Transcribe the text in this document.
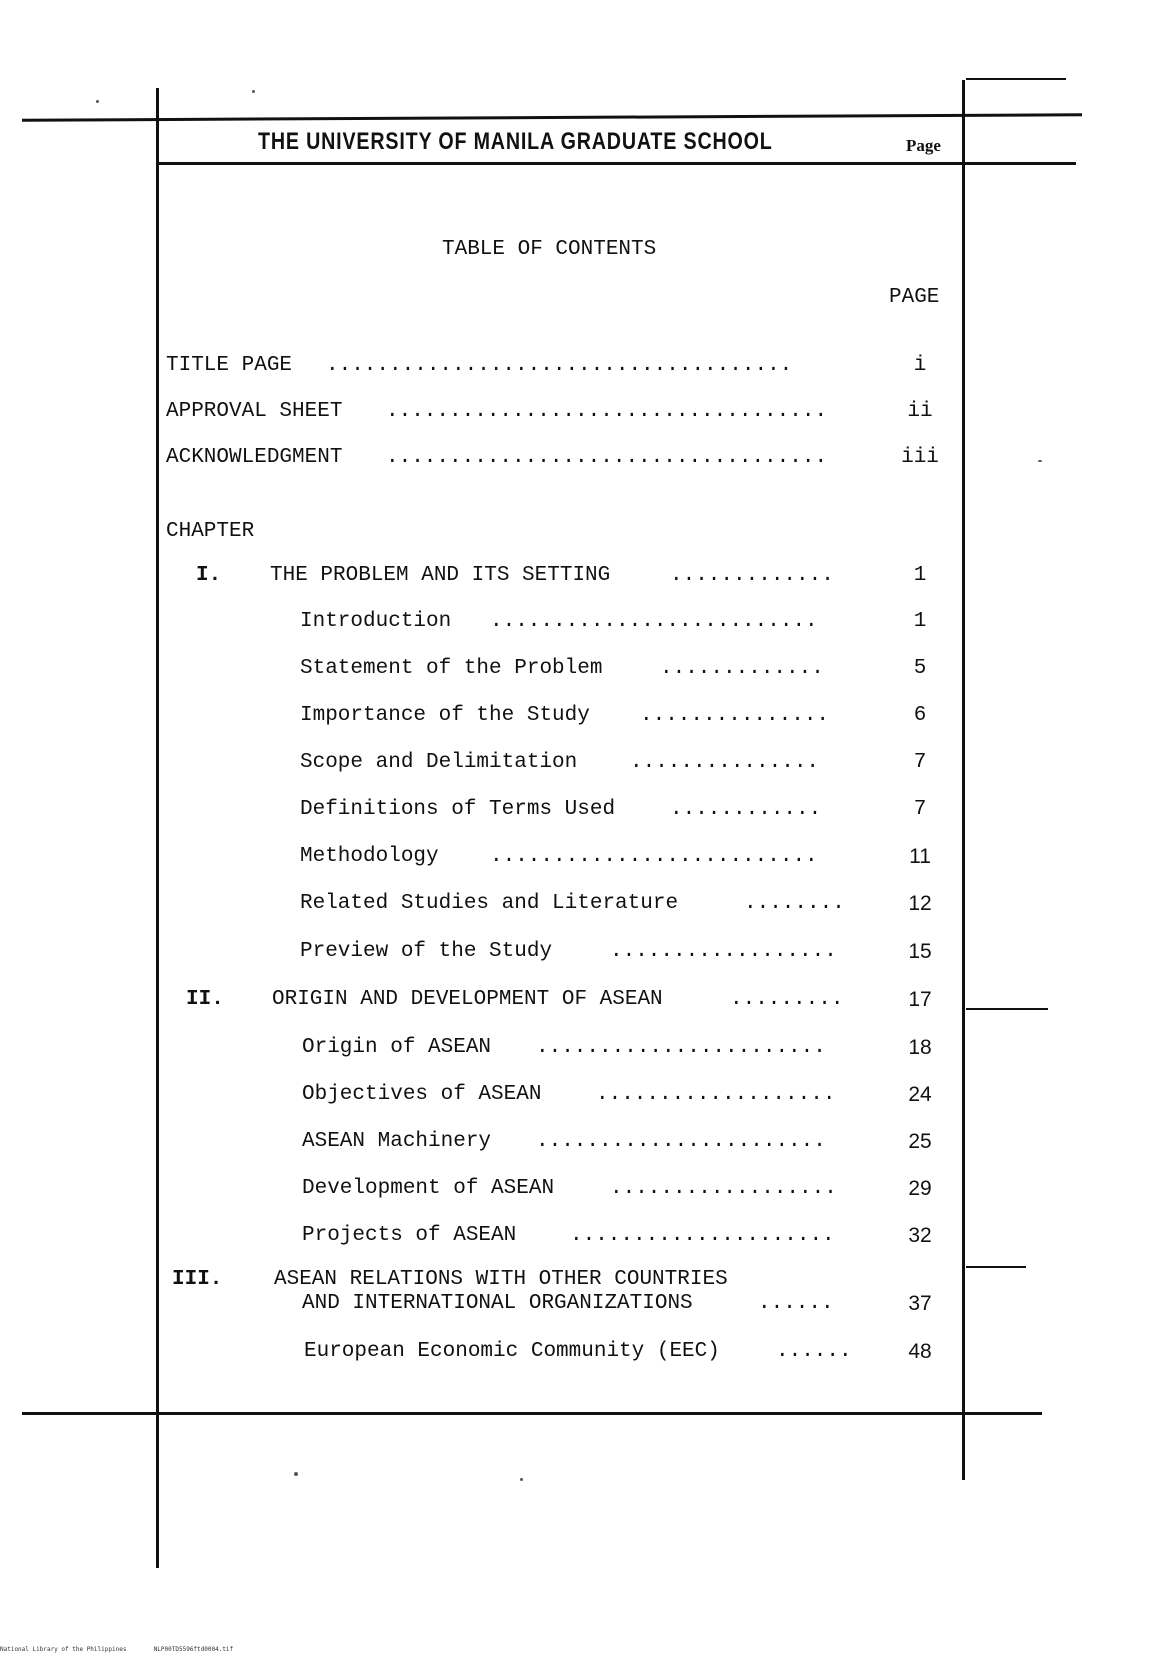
THE UNIVERSITY OF MANILA GRADUATE SCHOOL	Page
TABLE OF CONTENTS
PAGE
TITLE PAGE .....................................	i
APPROVAL SHEET ...................................	ii
ACKNOWLEDGMENT ...................................	iii
CHAPTER
I. THE PROBLEM AND ITS SETTING	.............	1
Introduction ..........................	1
Statement of the Problem	.............	5
Importance of the Study ...............	6
Scope and Delimitation	...............	7
Definitions of Terms Used	............	7
Methodology ..........................	11
Related Studies and Literature	........	12
Preview of the Study	..................	15
II. ORIGIN AND DEVELOPMENT OF ASEAN	.........	17
Origin of ASEAN .......................	18
Objectives of ASEAN	...................	24
ASEAN Machinery .......................	25
Development of ASEAN	..................	29
Projects of ASEAN	.....................	32
III. ASEAN RELATIONS WITH OTHER COUNTRIES
AND INTERNATIONAL ORGANIZATIONS	......	37
European Economic Community (EEC)	......	48
National Library of the Philippines	NLP00TD5596ftd0004.tif
